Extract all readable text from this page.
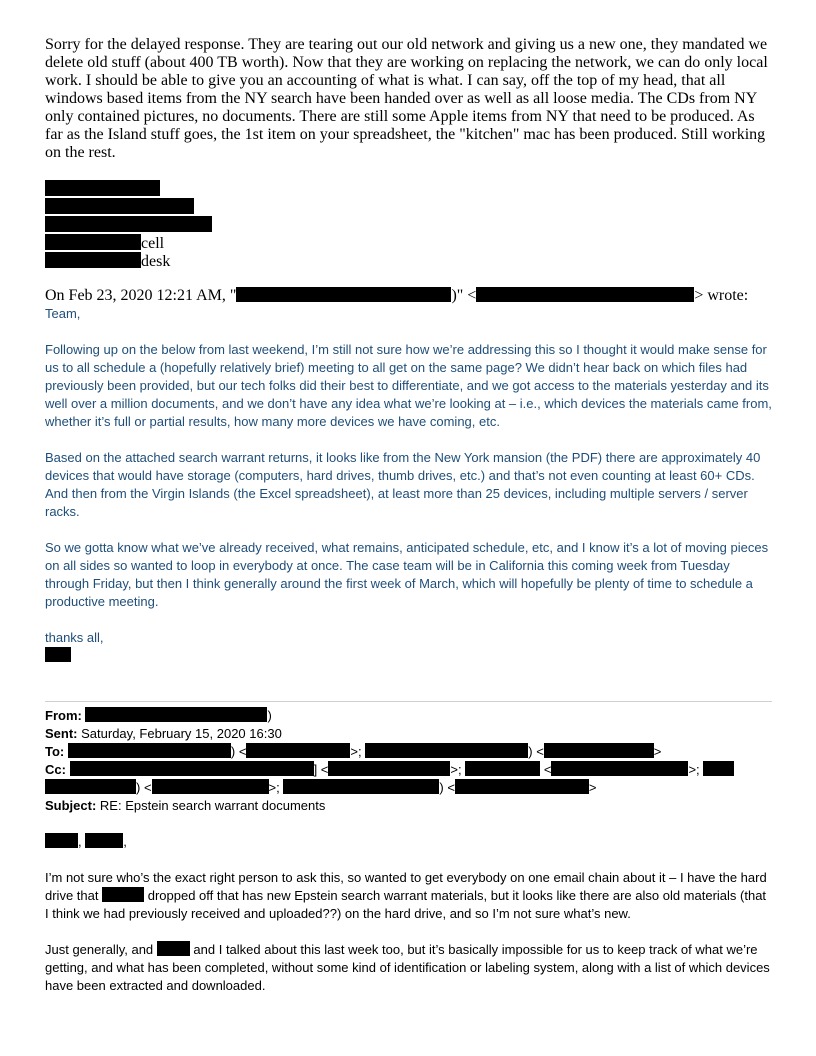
Sorry for the delayed response. They are tearing out our old network and giving us a new one, they mandated we delete old stuff (about 400 TB worth). Now that they are working on replacing the network, we can do only local work. I should be able to give you an accounting of what is what. I can say, off the top of my head, that all windows based items from the NY search have been handed over as well as all loose media. The CDs from NY only contained pictures, no documents. There are still some Apple items from NY that need to be produced. As far as the Island stuff goes, the 1st item on your spreadsheet, the "kitchen" mac has been produced. Still working on the rest.

cell
desk
On Feb 23, 2020 12:21 AM, "	)" <	> wrote:

Team,

Following up on the below from last weekend, I’m still not sure how we’re addressing this so I thought it would make sense for us to all schedule a (hopefully relatively brief) meeting to all get on the same page? We didn’t hear back on which files had previously been provided, but our tech folks did their best to differentiate, and we got access to the materials yesterday and its well over a million documents, and we don’t have any idea what we’re looking at – i.e., which devices the materials came from, whether it’s full or partial results, how many more devices we have coming, etc.

Based on the attached search warrant returns, it looks like from the New York mansion (the PDF) there are approximately 40 devices that would have storage (computers, hard drives, thumb drives, etc.) and that’s not even counting at least 60+ CDs. And then from the Virgin Islands (the Excel spreadsheet), at least more than 25 devices, including multiple servers / server racks.

So we gotta know what we’ve already received, what remains, anticipated schedule, etc, and I know it’s a lot of moving pieces on all sides so wanted to loop in everybody at once. The case team will be in California this coming week from Tuesday through Friday, but then I think generally around the first week of March, which will hopefully be plenty of time to schedule a productive meeting.

thanks all,

From:	)
Sent: Saturday, February 15, 2020 16:30
To:	) <	>;	) <	>
Cc:	] <	>;	<	>;
) <	>;	) <	>
Subject: RE: Epstein search warrant documents
,	,

I’m not sure who’s the exact right person to ask this, so wanted to get everybody on one email chain about it – I have the hard drive that	dropped off that has new Epstein search warrant materials, but it looks like there are also old materials (that I think we had previously received and uploaded??) on the hard drive, and so I’m not sure what’s new.

Just generally, and	and I talked about this last week too, but it’s basically impossible for us to keep track of what we’re getting, and what has been completed, without some kind of identification or labeling system, along with a list of which devices have been extracted and downloaded.
